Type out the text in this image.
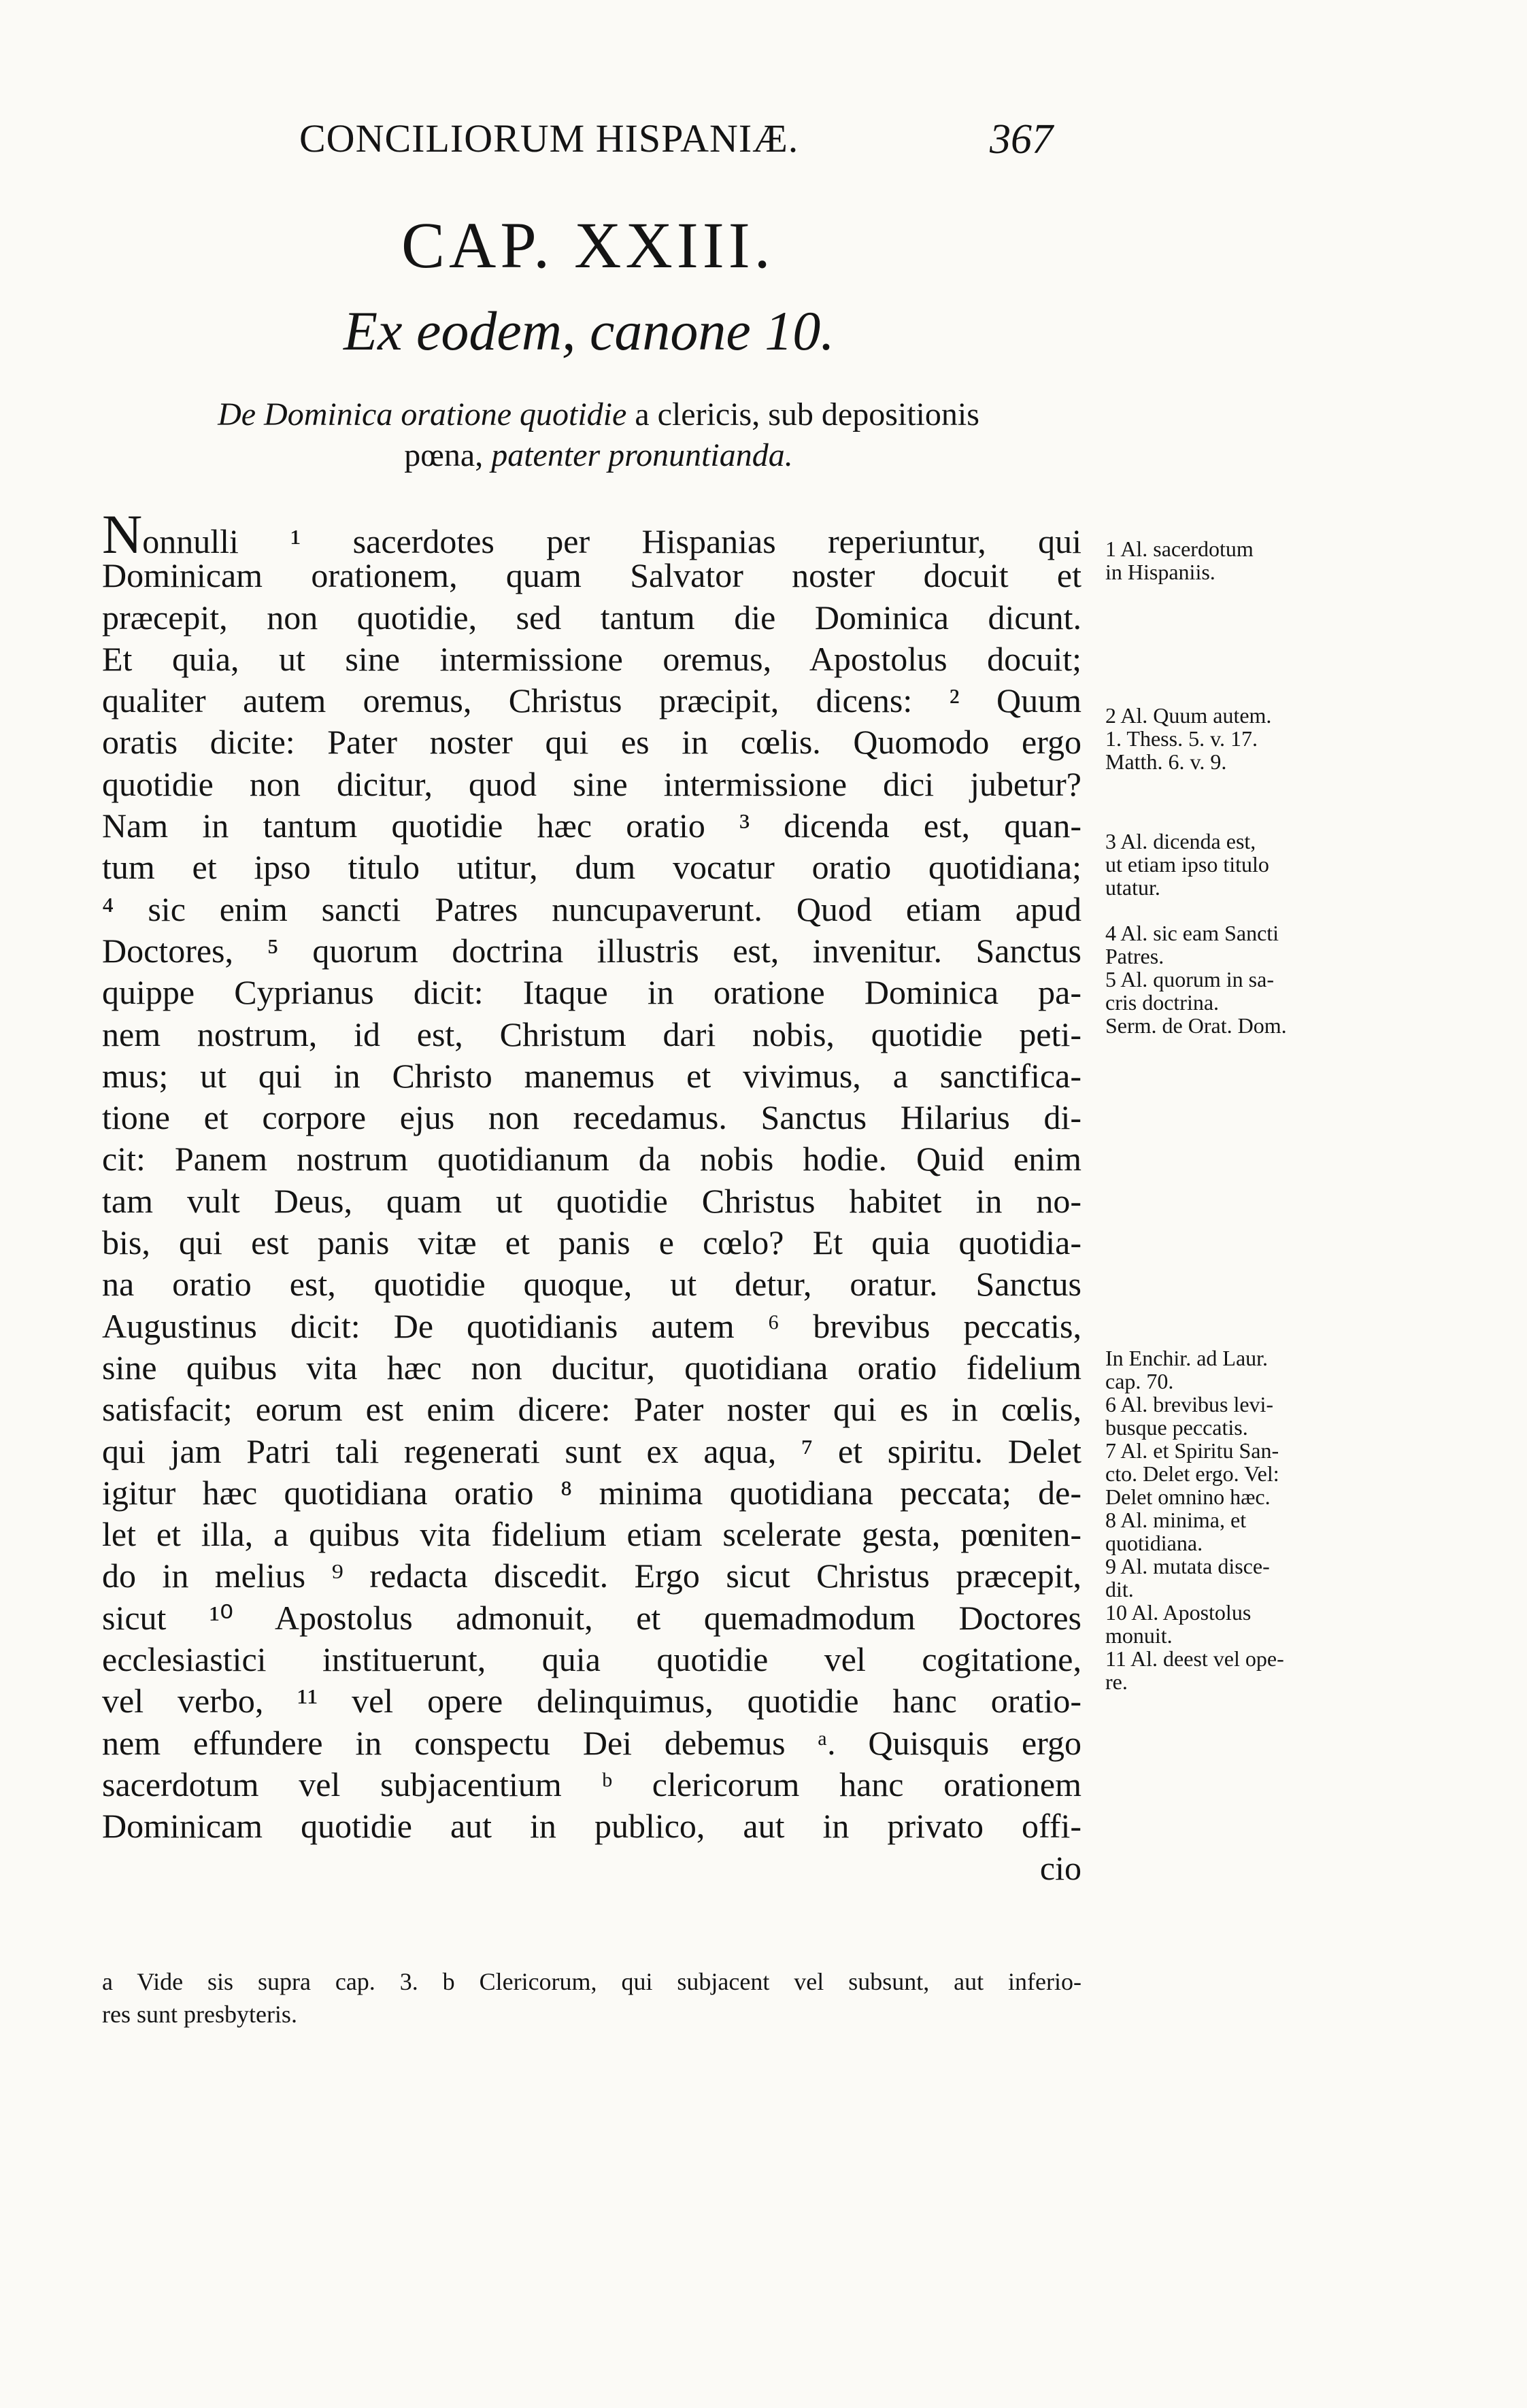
CONCILIORUM HISPANIÆ.	367
CAP. XXIII.
Ex eodem, canone 10.
De Dominica oratione quotidie a clericis, sub depositionis
pœna, patenter pronuntianda.
Nonnulli ¹ sacerdotes per Hispanias reperiuntur, qui
Dominicam orationem, quam Salvator noster docuit et
præcepit, non quotidie, sed tantum die Dominica dicunt.
Et quia, ut sine intermissione oremus, Apostolus docuit;
qualiter autem oremus, Christus præcipit, dicens: ² Quum
oratis dicite: Pater noster qui es in cœlis. Quomodo ergo
quotidie non dicitur, quod sine intermissione dici jubetur?
Nam in tantum quotidie hæc oratio ³ dicenda est, quan-
tum et ipso titulo utitur, dum vocatur oratio quotidiana;
⁴ sic enim sancti Patres nuncupaverunt. Quod etiam apud
Doctores, ⁵ quorum doctrina illustris est, invenitur. Sanctus
quippe Cyprianus dicit: Itaque in oratione Dominica pa-
nem nostrum, id est, Christum dari nobis, quotidie peti-
mus; ut qui in Christo manemus et vivimus, a sanctifica-
tione et corpore ejus non recedamus. Sanctus Hilarius di-
cit: Panem nostrum quotidianum da nobis hodie. Quid enim
tam vult Deus, quam ut quotidie Christus habitet in no-
bis, qui est panis vitæ et panis e cœlo? Et quia quotidia-
na oratio est, quotidie quoque, ut detur, oratur. Sanctus
Augustinus dicit: De quotidianis autem ⁶ brevibus peccatis,
sine quibus vita hæc non ducitur, quotidiana oratio fidelium
satisfacit; eorum est enim dicere: Pater noster qui es in cœlis,
qui jam Patri tali regenerati sunt ex aqua, ⁷ et spiritu. Delet
igitur hæc quotidiana oratio ⁸ minima quotidiana peccata; de-
let et illa, a quibus vita fidelium etiam scelerate gesta, pœniten-
do in melius ⁹ redacta discedit. Ergo sicut Christus præcepit,
sicut ¹⁰ Apostolus admonuit, et quemadmodum Doctores
ecclesiastici instituerunt, quia quotidie vel cogitatione,
vel verbo, ¹¹ vel opere delinquimus, quotidie hanc oratio-
nem effundere in conspectu Dei debemus ᵃ. Quisquis ergo
sacerdotum vel subjacentium ᵇ clericorum hanc orationem
Dominicam quotidie aut in publico, aut in privato offi-
cio
a Vide sis supra cap. 3. b Clericorum, qui subjacent vel subsunt, aut inferio-
res sunt presbyteris.
1 Al. sacerdotum
in Hispaniis.
2 Al. Quum autem.
1. Thess. 5. v. 17.
Matth. 6. v. 9.
3 Al. dicenda est,
ut etiam ipso titulo
utatur.
4 Al. sic eam Sancti
Patres.
5 Al. quorum in sa-
cris doctrina.
Serm. de Orat. Dom.
In Enchir. ad Laur.
cap. 70.
6 Al. brevibus levi-
busque peccatis.
7 Al. et Spiritu San-
cto. Delet ergo. Vel:
Delet omnino hæc.
8 Al. minima, et
quotidiana.
9 Al. mutata disce-
dit.
10 Al. Apostolus
monuit.
11 Al. deest vel ope-
re.
